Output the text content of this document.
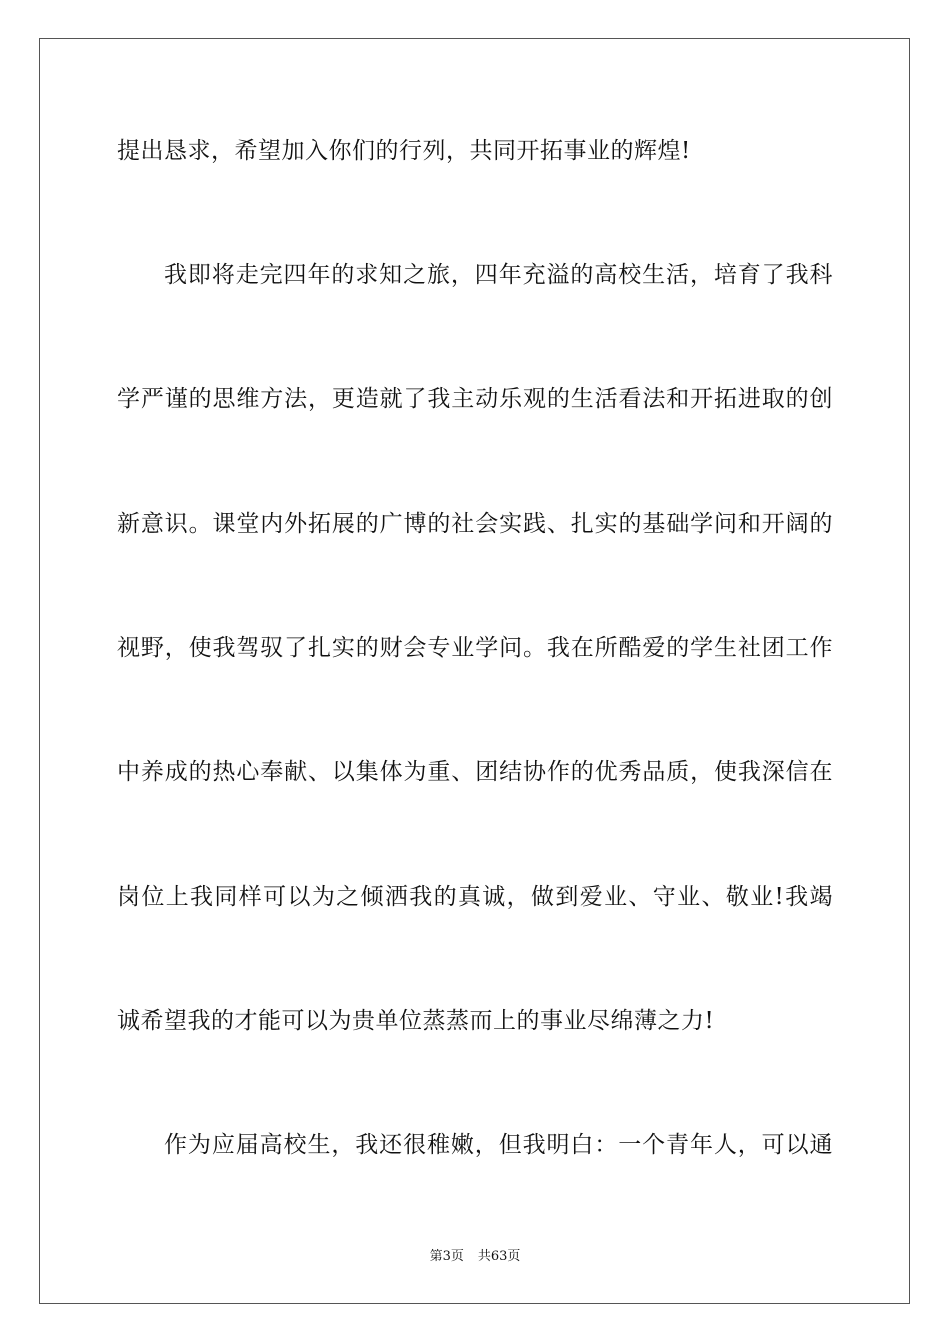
提出恳求，希望加入你们的行列，共同开拓事业的辉煌!
我即将走完四年的求知之旅，四年充溢的高校生活，培育了我科
学严谨的思维方法，更造就了我主动乐观的生活看法和开拓进取的创
新意识。课堂内外拓展的广博的社会实践、扎实的基础学问和开阔的
视野，使我驾驭了扎实的财会专业学问。我在所酷爱的学生社团工作
中养成的热心奉献、以集体为重、团结协作的优秀品质，使我深信在
岗位上我同样可以为之倾洒我的真诚，做到爱业、守业、敬业!我竭
诚希望我的才能可以为贵单位蒸蒸而上的事业尽绵薄之力!
作为应届高校生，我还很稚嫩，但我明白：一个青年人，可以通
第3页 共63页
